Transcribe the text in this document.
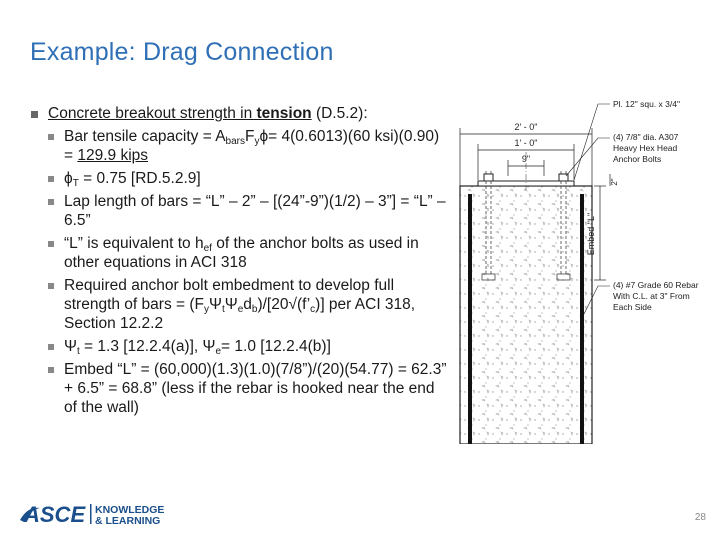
Example: Drag Connection
Concrete breakout strength in tension (D.5.2):
Bar tensile capacity = $A_{bars}F_y\phi= 4(0.6013)(60$ ksi)(0.90) = 129.9 kips
$\phi_T = 0.75$ [RD.5.2.9]
Lap length of bars = “L” – 2” – [(24”-9”)(1/2) – 3”] = “L” – 6.5”
“L” is equivalent to $h_{ef}$ of the anchor bolts as used in other equations in ACI 318
Required anchor bolt embedment to develop full strength of bars = $(F_y\Psi_t\Psi_ed_b)/[20√(f’_c)]$ per ACI 318, Section 12.2.2
$\Psi_t = 1.3$ [12.2.4(a)], $\Psi_e= 1.0$ [12.2.4(b)]
Embed “L” = (60,000)(1.3)(1.0)(7/8”)/(20)(54.77) = 62.3” + 6.5” = 68.8” (less if the rebar is hooked near the end of the wall)
2' - 0"
1' - 0"
9"
2"
Embed "L"
Pl. 12" squ. x 3/4"
(4) 7/8" dia. A307
Heavy Hex Head
Anchor Bolts
(4) #7 Grade 60 Rebar
With C.L. at 3" From
Each Side
ASCE KNOWLEDGE
& LEARNING	28
